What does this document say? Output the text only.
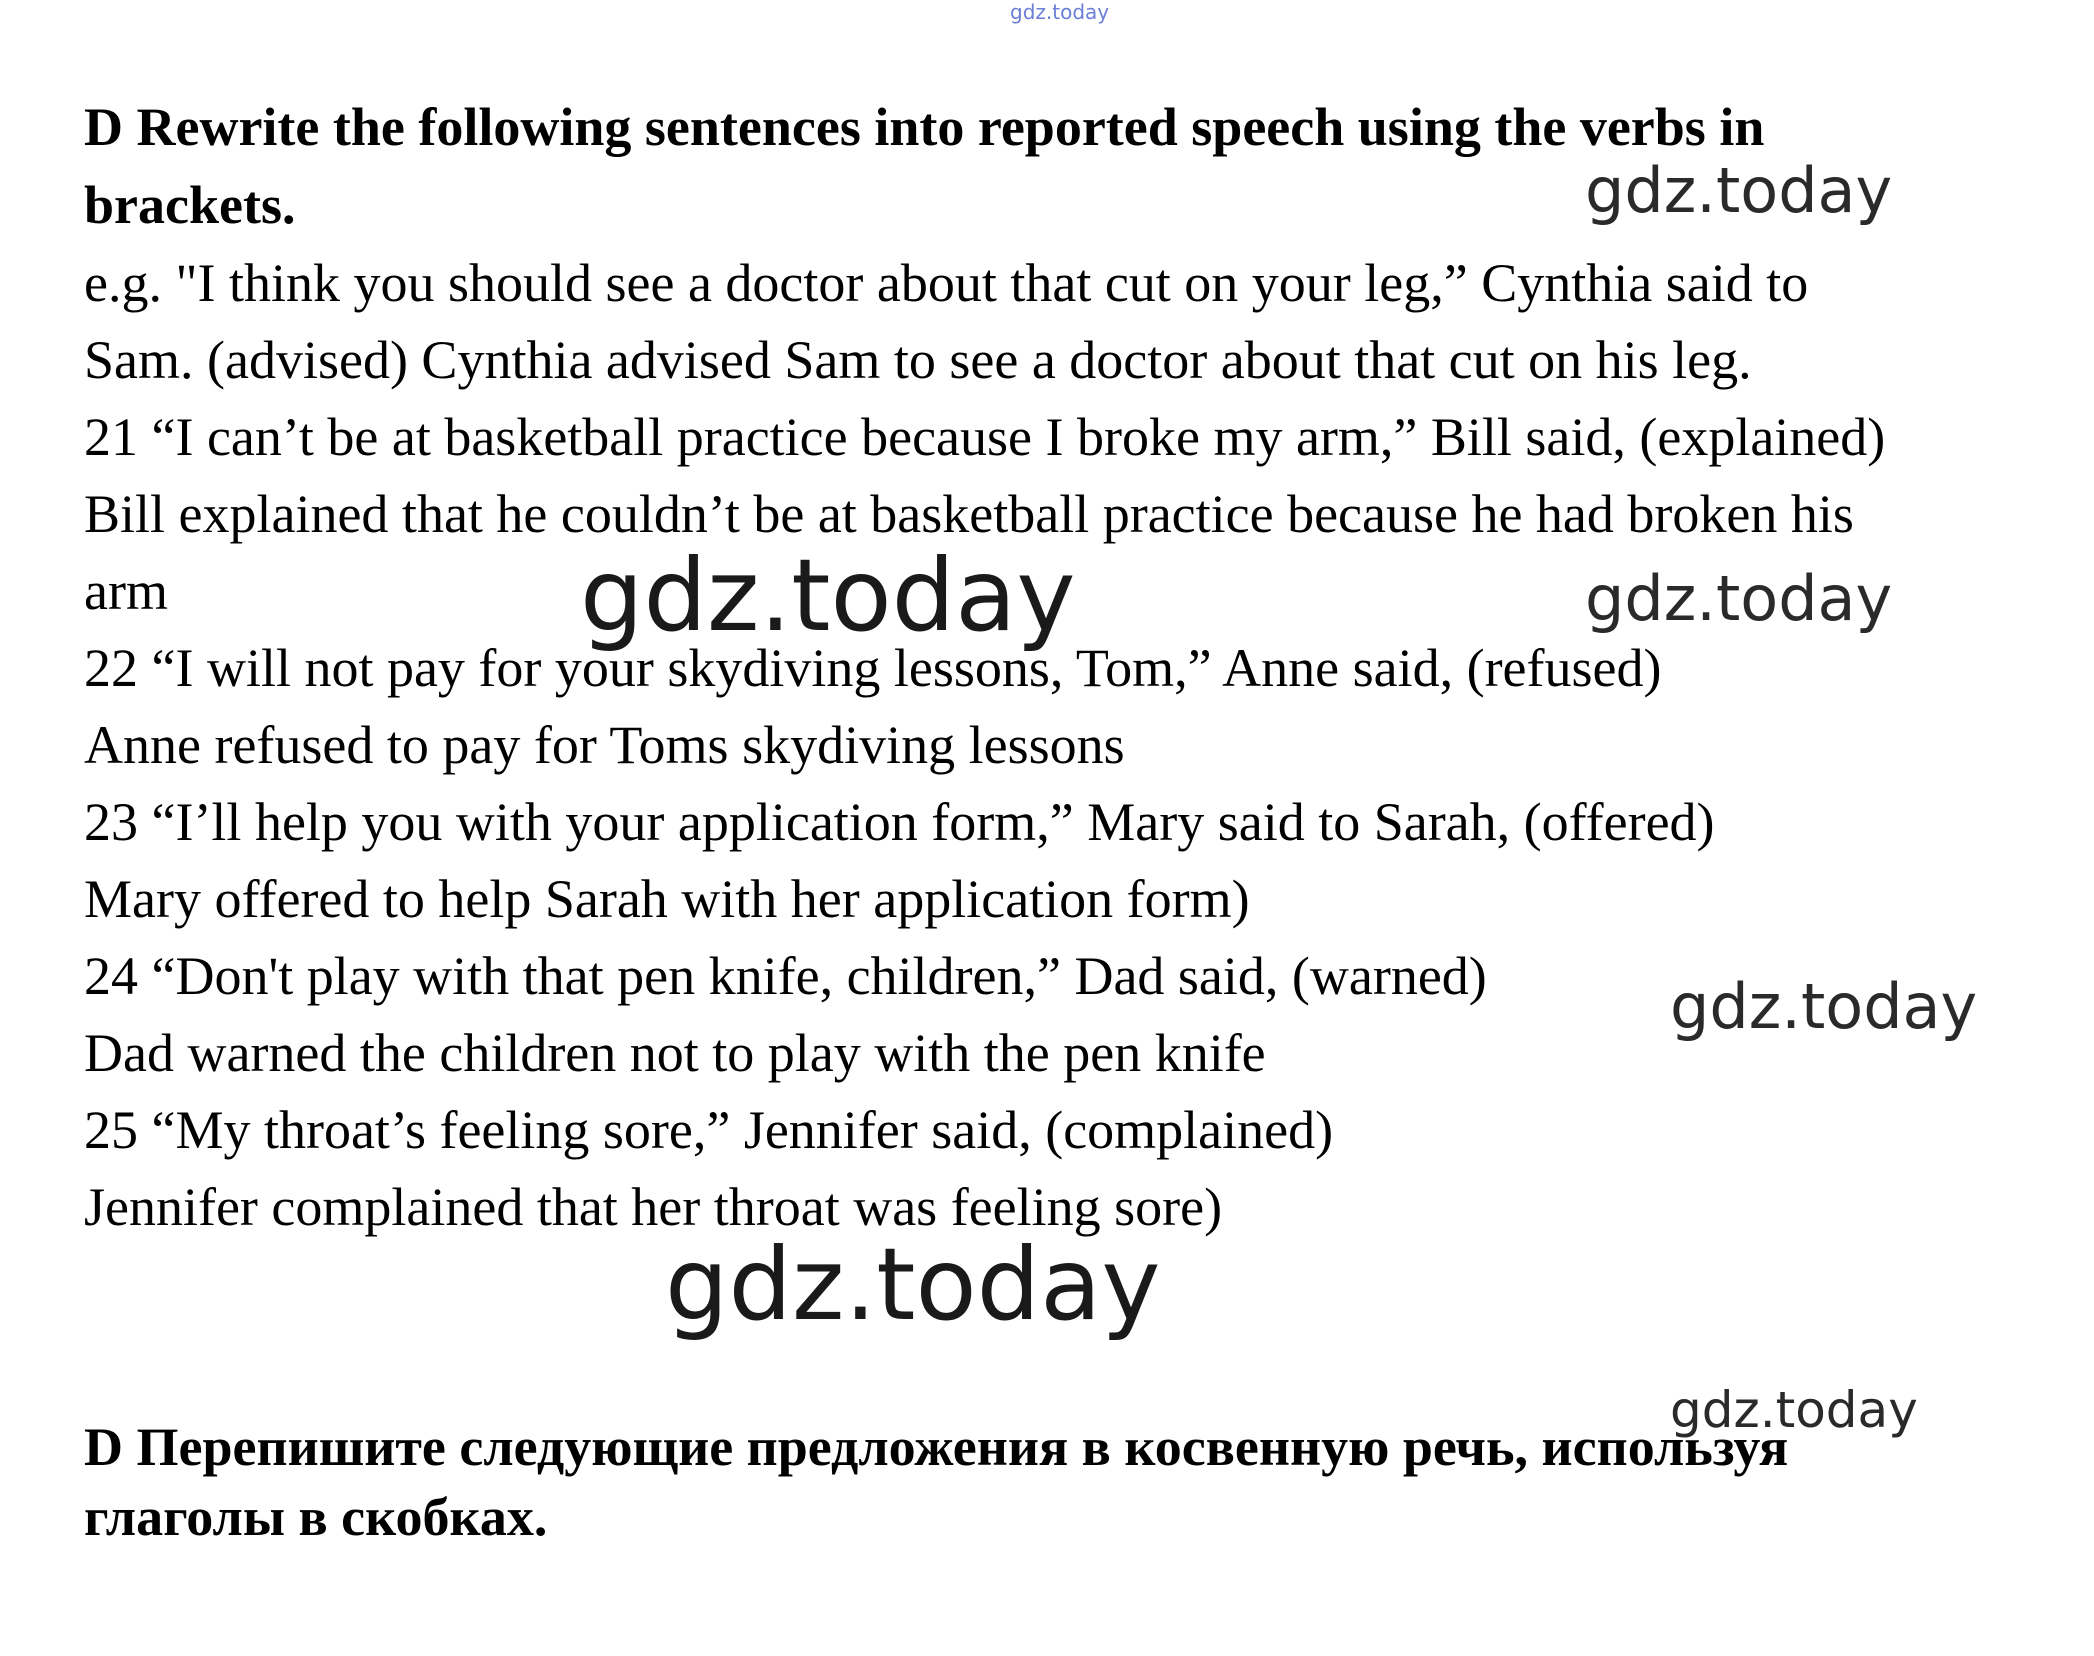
gdz.today
D Rewrite the following sentences into reported speech using the verbs in
brackets.
e.g. "I think you should see a doctor about that cut on your leg,” Cynthia said to
Sam. (advised) Cynthia advised Sam to see a doctor about that cut on his leg.
21 “I can’t be at basketball practice because I broke my arm,” Bill said, (explained)
Bill explained that he couldn’t be at basketball practice because he had broken his
arm
22 “I will not pay for your skydiving lessons, Tom,” Anne said, (refused)
Anne refused to pay for Toms skydiving lessons
23 “I’ll help you with your application form,” Mary said to Sarah, (offered)
Mary offered to help Sarah with her application form)
24 “Don't play with that pen knife, children,” Dad said, (warned)
Dad warned the children not to play with the pen knife
25 “My throat’s feeling sore,” Jennifer said, (complained)
Jennifer complained that her throat was feeling sore)
D Перепишите следующие предложения в косвенную речь, используя
глаголы в скобках.
gdz.today
gdz.today	gdz.today
gdz.today
gdz.today
gdz.today
